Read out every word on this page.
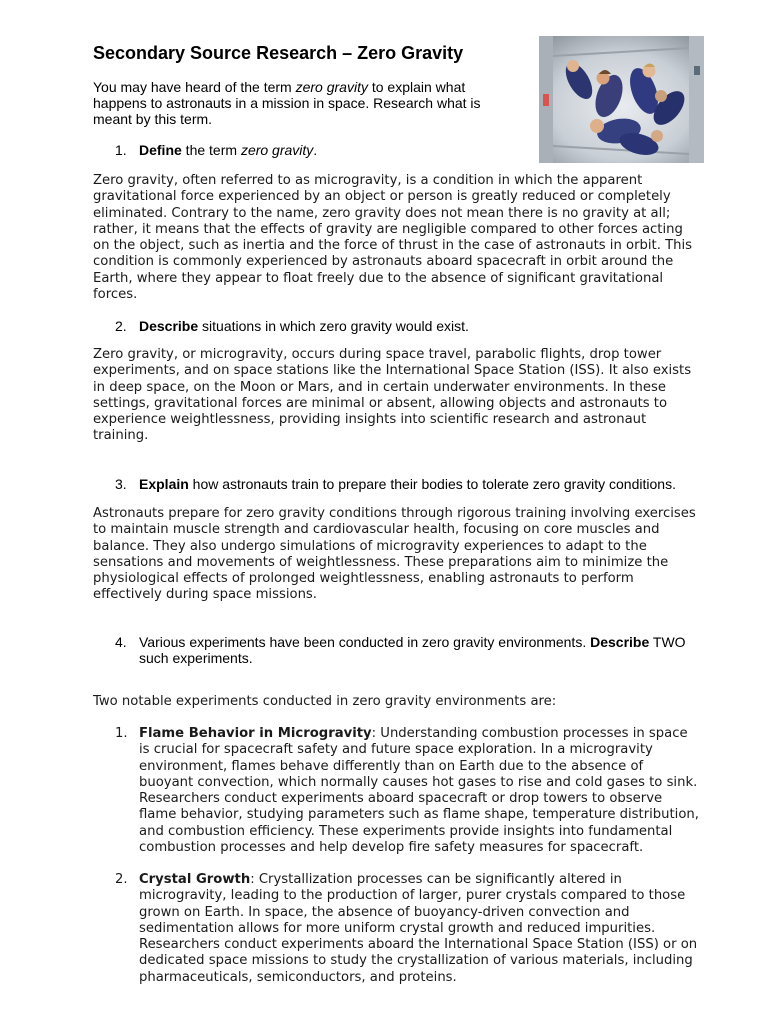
Secondary Source Research – Zero Gravity
You may have heard of the term zero gravity to explain what happens to astronauts in a mission in space. Research what is meant by this term.
1. Define the term zero gravity.
Zero gravity, often referred to as microgravity, is a condition in which the apparent gravitational force experienced by an object or person is greatly reduced or completely eliminated. Contrary to the name, zero gravity does not mean there is no gravity at all; rather, it means that the effects of gravity are negligible compared to other forces acting on the object, such as inertia and the force of thrust in the case of astronauts in orbit. This condition is commonly experienced by astronauts aboard spacecraft in orbit around the Earth, where they appear to float freely due to the absence of significant gravitational forces.
2. Describe situations in which zero gravity would exist.
Zero gravity, or microgravity, occurs during space travel, parabolic flights, drop tower experiments, and on space stations like the International Space Station (ISS). It also exists in deep space, on the Moon or Mars, and in certain underwater environments. In these settings, gravitational forces are minimal or absent, allowing objects and astronauts to experience weightlessness, providing insights into scientific research and astronaut training.
3. Explain how astronauts train to prepare their bodies to tolerate zero gravity conditions.
Astronauts prepare for zero gravity conditions through rigorous training involving exercises to maintain muscle strength and cardiovascular health, focusing on core muscles and balance. They also undergo simulations of microgravity experiences to adapt to the sensations and movements of weightlessness. These preparations aim to minimize the physiological effects of prolonged weightlessness, enabling astronauts to perform effectively during space missions.
4. Various experiments have been conducted in zero gravity environments. Describe TWO such experiments.
Two notable experiments conducted in zero gravity environments are:
1. Flame Behavior in Microgravity: Understanding combustion processes in space is crucial for spacecraft safety and future space exploration. In a microgravity environment, flames behave differently than on Earth due to the absence of buoyant convection, which normally causes hot gases to rise and cold gases to sink. Researchers conduct experiments aboard spacecraft or drop towers to observe flame behavior, studying parameters such as flame shape, temperature distribution, and combustion efficiency. These experiments provide insights into fundamental combustion processes and help develop fire safety measures for spacecraft.
2. Crystal Growth: Crystallization processes can be significantly altered in microgravity, leading to the production of larger, purer crystals compared to those grown on Earth. In space, the absence of buoyancy-driven convection and sedimentation allows for more uniform crystal growth and reduced impurities. Researchers conduct experiments aboard the International Space Station (ISS) or on dedicated space missions to study the crystallization of various materials, including pharmaceuticals, semiconductors, and proteins.
